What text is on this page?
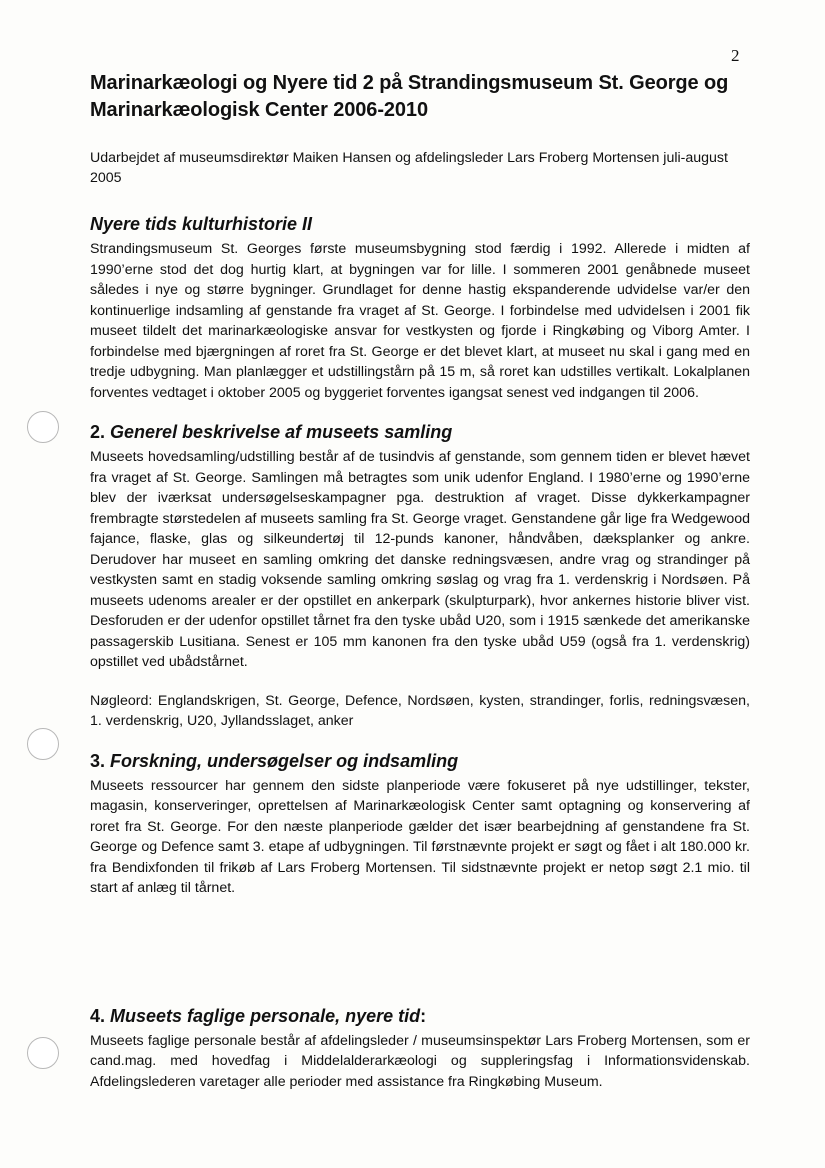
2
Marinarkæologi og Nyere tid 2 på Strandingsmuseum St. George og Marinarkæologisk Center 2006-2010

Udarbejdet af museumsdirektør Maiken Hansen og afdelingsleder Lars Froberg Mortensen juli-august 2005

Nyere tids kulturhistorie II

Strandingsmuseum St. Georges første museumsbygning stod færdig i 1992. Allerede i midten af 1990’erne stod det dog hurtig klart, at bygningen var for lille. I sommeren 2001 genåbnede museet således i nye og større bygninger. Grundlaget for denne hastig ekspanderende udvidelse var/er den kontinuerlige indsamling af genstande fra vraget af St. George. I forbindelse med udvidelsen i 2001 fik museet tildelt det marinarkæologiske ansvar for vestkysten og fjorde i Ringkøbing og Viborg Amter. I forbindelse med bjærgningen af roret fra St. George er det blevet klart, at museet nu skal i gang med en tredje udbygning. Man planlægger et udstillingstårn på 15 m, så roret kan udstilles vertikalt. Lokalplanen forventes vedtaget i oktober 2005 og byggeriet forventes igangsat senest ved indgangen til 2006.

2. Generel beskrivelse af museets samling

Museets hovedsamling/udstilling består af de tusindvis af genstande, som gennem tiden er blevet hævet fra vraget af St. George. Samlingen må betragtes som unik udenfor England. I 1980’erne og 1990’erne blev der iværksat undersøgelseskampagner pga. destruktion af vraget. Disse dykkerkampagner frembragte størstedelen af museets samling fra St. George vraget. Genstandene går lige fra Wedgewood fajance, flaske, glas og silkeundertøj til 12-punds kanoner, håndvåben, dæksplanker og ankre. Derudover har museet en samling omkring det danske redningsvæsen, andre vrag og strandinger på vestkysten samt en stadig voksende samling omkring søslag og vrag fra 1. verdenskrig i Nordsøen. På museets udenoms arealer er der opstillet en ankerpark (skulpturpark), hvor ankernes historie bliver vist. Desforuden er der udenfor opstillet tårnet fra den tyske ubåd U20, som i 1915 sænkede det amerikanske passagerskib Lusitiana. Senest er 105 mm kanonen fra den tyske ubåd U59 (også fra 1. verdenskrig) opstillet ved ubådstårnet.

Nøgleord: Englandskrigen, St. George, Defence, Nordsøen, kysten, strandinger, forlis, redningsvæsen, 1. verdenskrig, U20, Jyllandsslaget, anker

3. Forskning, undersøgelser og indsamling

Museets ressourcer har gennem den sidste planperiode være fokuseret på nye udstillinger, tekster, magasin, konserveringer, oprettelsen af Marinarkæologisk Center samt optagning og konservering af roret fra St. George. For den næste planperiode gælder det især bearbejdning af genstandene fra St. George og Defence samt 3. etape af udbygningen. Til førstnævnte projekt er søgt og fået i alt 180.000 kr. fra Bendixfonden til frikøb af Lars Froberg Mortensen. Til sidstnævnte projekt er netop søgt 2.1 mio. til start af anlæg til tårnet.

4. Museets faglige personale, nyere tid:

Museets faglige personale består af afdelingsleder / museumsinspektør Lars Froberg Mortensen, som er cand.mag. med hovedfag i Middelalderarkæologi og suppleringsfag i Informationsvidenskab. Afdelingslederen varetager alle perioder med assistance fra Ringkøbing Museum.
